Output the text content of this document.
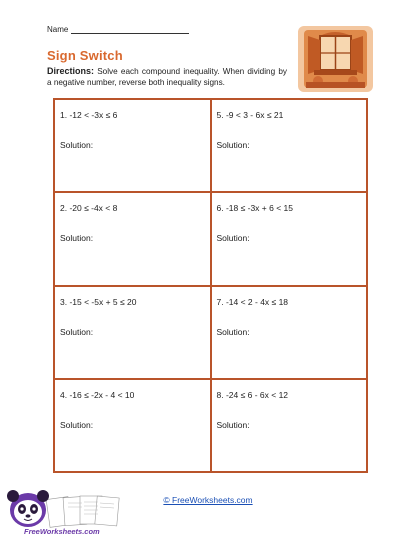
Name
Sign Switch
Directions: Solve each compound inequality. When dividing by a negative number, reverse both inequality signs.
1. -12 < -3x ≤ 6
Solution:
5. -9 < 3 - 6x ≤ 21
Solution:
2. -20 ≤ -4x < 8
Solution:
6. -18 ≤ -3x + 6 < 15
Solution:
3. -15 < -5x + 5 ≤ 20
Solution:
7. -14 < 2 - 4x ≤ 18
Solution:
4. -16 ≤ -2x - 4 < 10
Solution:
8. -24 ≤ 6 - 6x < 12
Solution:
© FreeWorksheets.com
FreeWorksheets.com
